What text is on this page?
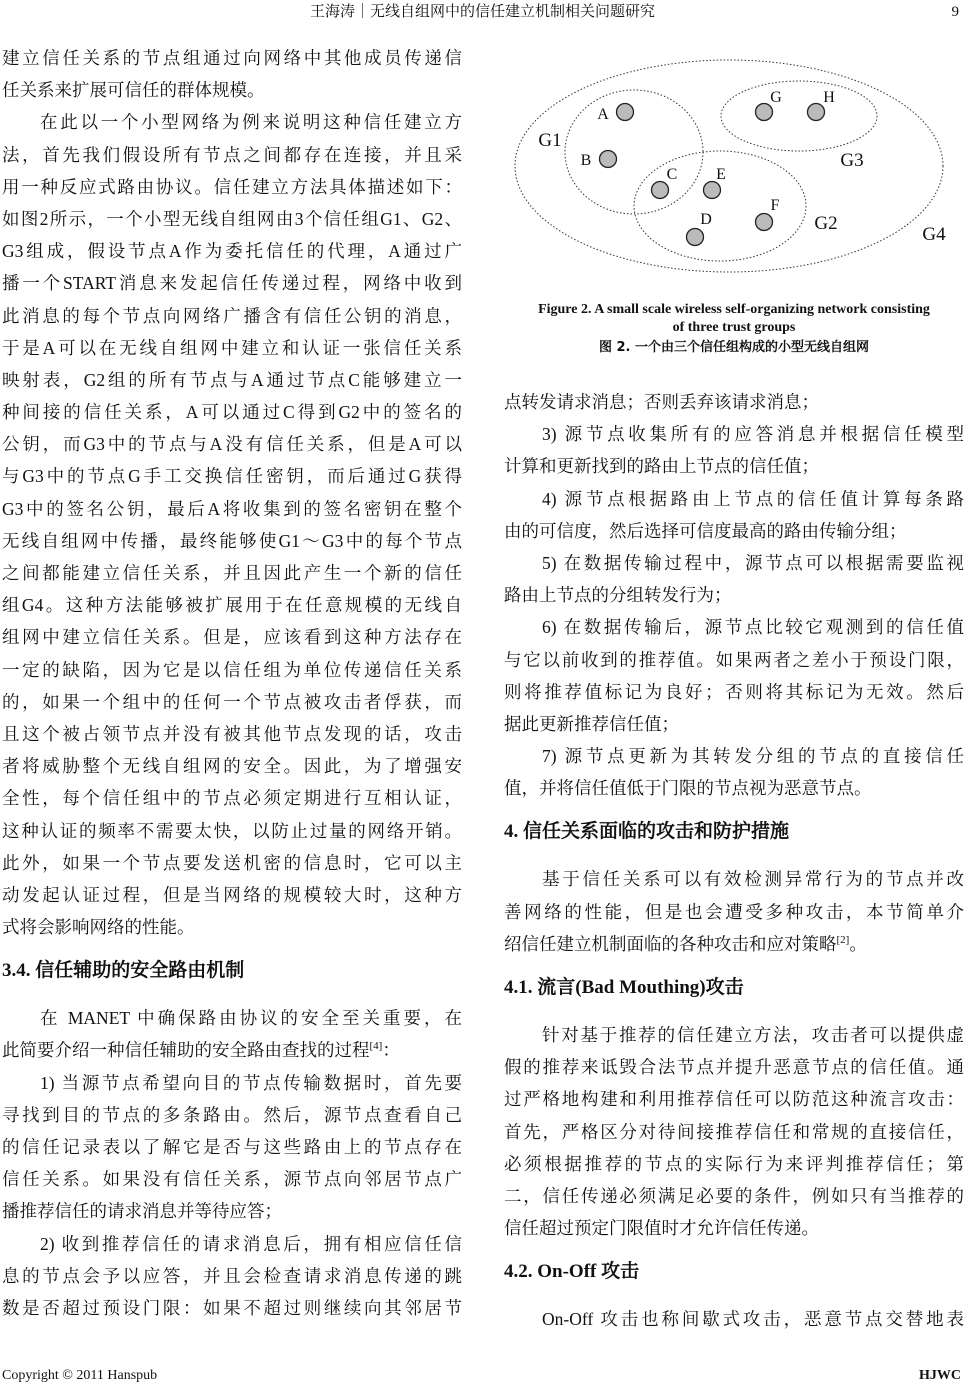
王海涛｜无线自组网中的信任建立机制相关问题研究	9
建立信任关系的节点组通过向网络中其他成员传递信
任关系来扩展可信任的群体规模。
在此以一个小型网络为例来说明这种信任建立方
法，首先我们假设所有节点之间都存在连接，并且采
用一种反应式路由协议。信任建立方法具体描述如下：
如图2所示，一个小型无线自组网由3个信任组G1、G2、
G3组成，假设节点A作为委托信任的代理，A通过广
播一个START消息来发起信任传递过程，网络中收到
此消息的每个节点向网络广播含有信任公钥的消息，
于是A可以在无线自组网中建立和认证一张信任关系
映射表，G2组的所有节点与A通过节点C能够建立一
种间接的信任关系，A可以通过C得到G2中的签名的
公钥，而G3中的节点与A没有信任关系，但是A可以
与G3中的节点G手工交换信任密钥，而后通过G获得
G3中的签名公钥，最后A将收集到的签名密钥在整个
无线自组网中传播，最终能够使G1～G3中的每个节点
之间都能建立信任关系，并且因此产生一个新的信任
组G4。这种方法能够被扩展用于在任意规模的无线自
组网中建立信任关系。但是，应该看到这种方法存在
一定的缺陷，因为它是以信任组为单位传递信任关系
的，如果一个组中的任何一个节点被攻击者俘获，而
且这个被占领节点并没有被其他节点发现的话，攻击
者将威胁整个无线自组网的安全。因此，为了增强安
全性，每个信任组中的节点必须定期进行互相认证，
这种认证的频率不需要太快，以防止过量的网络开销。
此外，如果一个节点要发送机密的信息时，它可以主
动发起认证过程，但是当网络的规模较大时，这种方
式将会影响网络的性能。
3.4. 信任辅助的安全路由机制
在 MANET 中确保路由协议的安全至关重要，在
此简要介绍一种信任辅助的安全路由查找的过程[4]：
1) 当源节点希望向目的节点传输数据时，首先要
寻找到目的节点的多条路由。然后，源节点查看自己
的信任记录表以了解它是否与这些路由上的节点存在
信任关系。如果没有信任关系，源节点向邻居节点广
播推荐信任的请求消息并等待应答；
2) 收到推荐信任的请求消息后，拥有相应信任信
息的节点会予以应答，并且会检查请求消息传递的跳
数是否超过预设门限：如果不超过则继续向其邻居节
点转发请求消息；否则丢弃该请求消息；
3) 源节点收集所有的应答消息并根据信任模型
计算和更新找到的路由上节点的信任值；
4) 源节点根据路由上节点的信任值计算每条路
由的可信度，然后选择可信度最高的路由传输分组；
5) 在数据传输过程中，源节点可以根据需要监视
路由上节点的分组转发行为；
6) 在数据传输后，源节点比较它观测到的信任值
与它以前收到的推荐值。如果两者之差小于预设门限，
则将推荐值标记为良好；否则将其标记为无效。然后
据此更新推荐信任值；
7) 源节点更新为其转发分组的节点的直接信任
值，并将信任值低于门限的节点视为恶意节点。
4. 信任关系面临的攻击和防护措施
基于信任关系可以有效检测异常行为的节点并改
善网络的性能，但是也会遭受多种攻击，本节简单介
绍信任建立机制面临的各种攻击和应对策略[2]。
4.1. 流言(Bad Mouthing)攻击
针对基于推荐的信任建立方法，攻击者可以提供虚
假的推荐来诋毁合法节点并提升恶意节点的信任值。通
过严格地构建和利用推荐信任可以防范这种流言攻击：
首先，严格区分对待间接推荐信任和常规的直接信任，
必须根据推荐的节点的实际行为来评判推荐信任；第
二，信任传递必须满足必要的条件，例如只有当推荐的
信任超过预定门限值时才允许信任传递。
4.2. On-Off 攻击
On-Off 攻击也称间歇式攻击，恶意节点交替地表
A
B
C
D
E
F
G	H
G1
G2
G3
G4
Figure 2. A small scale wireless self-organizing network consisting
of three trust groups
图 2. 一个由三个信任组构成的小型无线自组网
Copyright © 2011 Hanspub	HJWC
